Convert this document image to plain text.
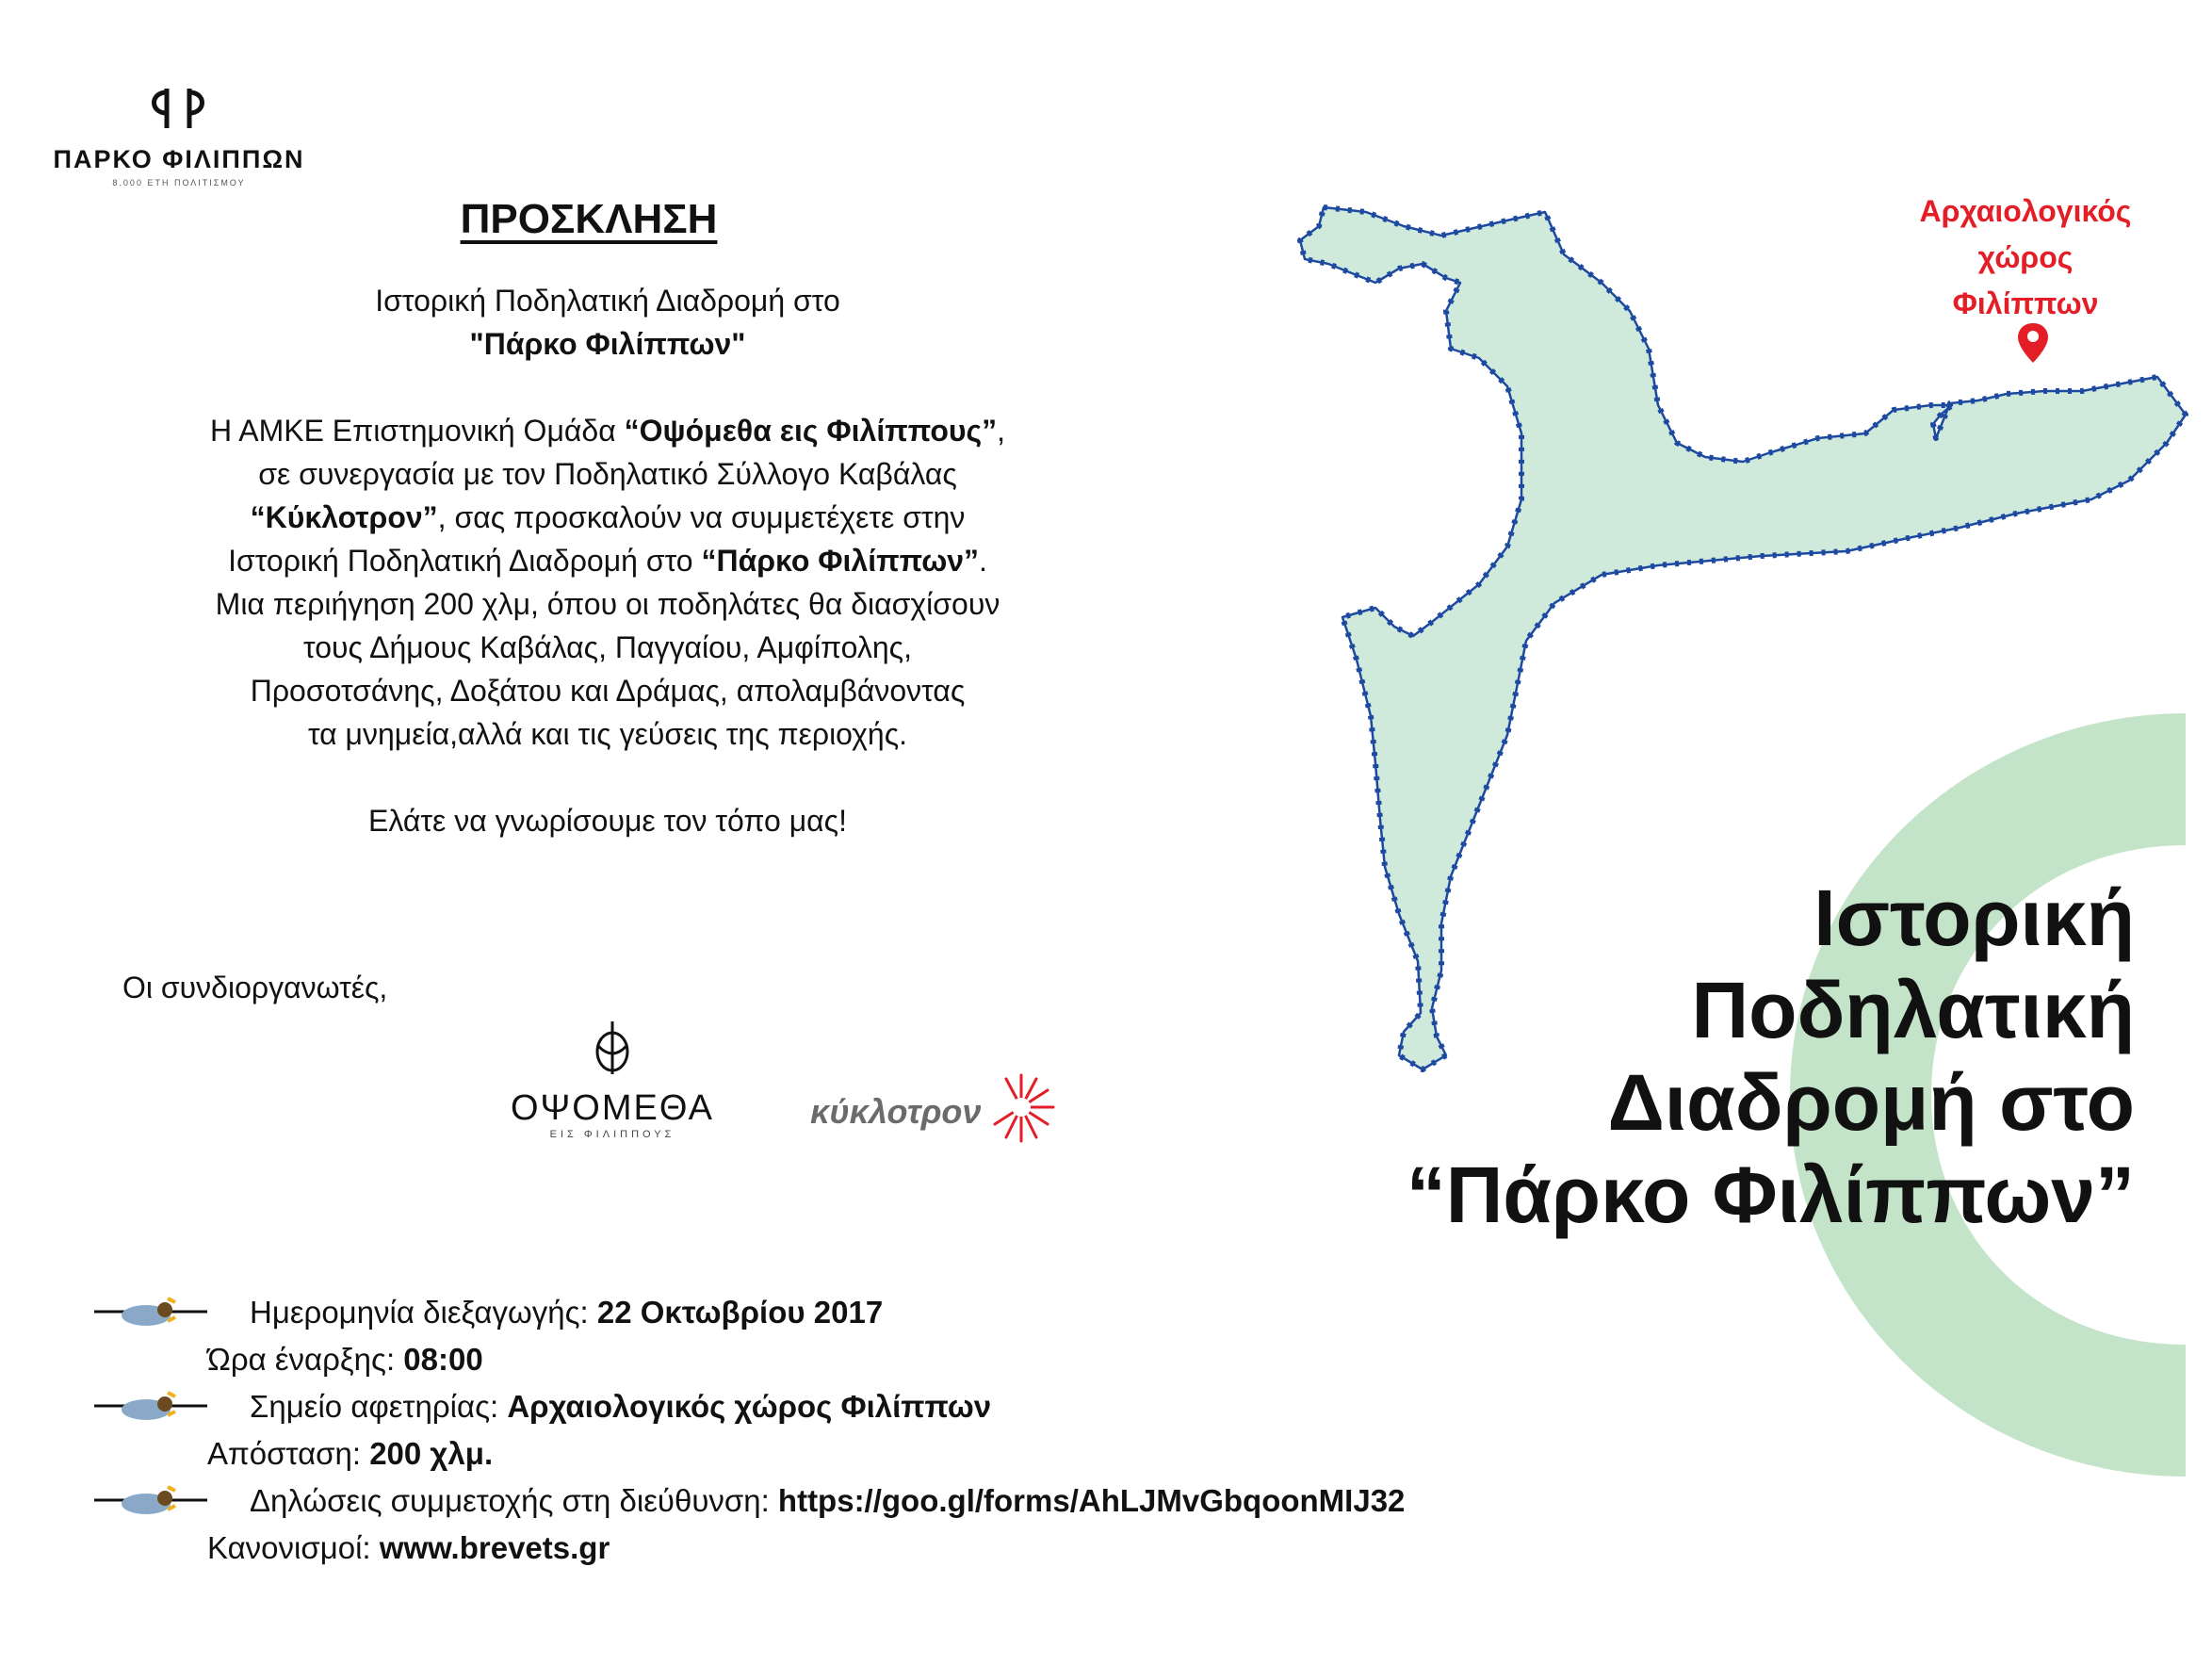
ΠΑΡΚΟ ΦΙΛΙΠΠΩΝ
8.000 ΕΤΗ ΠΟΛΙΤΙΣΜΟΥ
ΠΡΟΣΚΛΗΣΗ
Ιστορική Ποδηλατική Διαδρομή στο
"Πάρκο Φιλίππων"

Η ΑΜΚΕ Επιστημονική Ομάδα “Οψόμεθα εις Φιλίππους”,

σε συνεργασία με τον Ποδηλατικό Σύλλογο Καβάλας

“Κύκλοτρον”, σας προσκαλούν να συμμετέχετε στην

Ιστορική Ποδηλατική Διαδρομή στο “Πάρκο Φιλίππων”.

Μια περιήγηση 200 χλμ, όπου οι ποδηλάτες θα διασχίσουν

τους Δήμους Καβάλας, Παγγαίου, Αμφίπολης,

Προσοτσάνης, Δοξάτου και Δράμας, απολαμβάνοντας

τα μνημεία,αλλά και τις γεύσεις της περιοχής.

Ελάτε να γνωρίσουμε τον τόπο μας!
Οι συνδιοργανωτές,
ΟΨΟΜΕΘΑ
ΕΙΣ ΦΙΛΙΠΠΟΥΣ
κύκλοτρον
Αρχαιολογικός
χώρος
Φιλίππων
Ιστορική
Ποδηλατική
Διαδρομή στο
“Πάρκο Φιλίππων”
Ημερομηνία διεξαγωγής: 22 Οκτωβρίου 2017
Ώρα έναρξης: 08:00
Σημείο αφετηρίας: Αρχαιολογικός χώρος Φιλίππων
Απόσταση: 200 χλμ.
Δηλώσεις συμμετοχής στη διεύθυνση: https://goo.gl/forms/AhLJMvGbqoonMIJ32
Κανονισμοί: www.brevets.gr
